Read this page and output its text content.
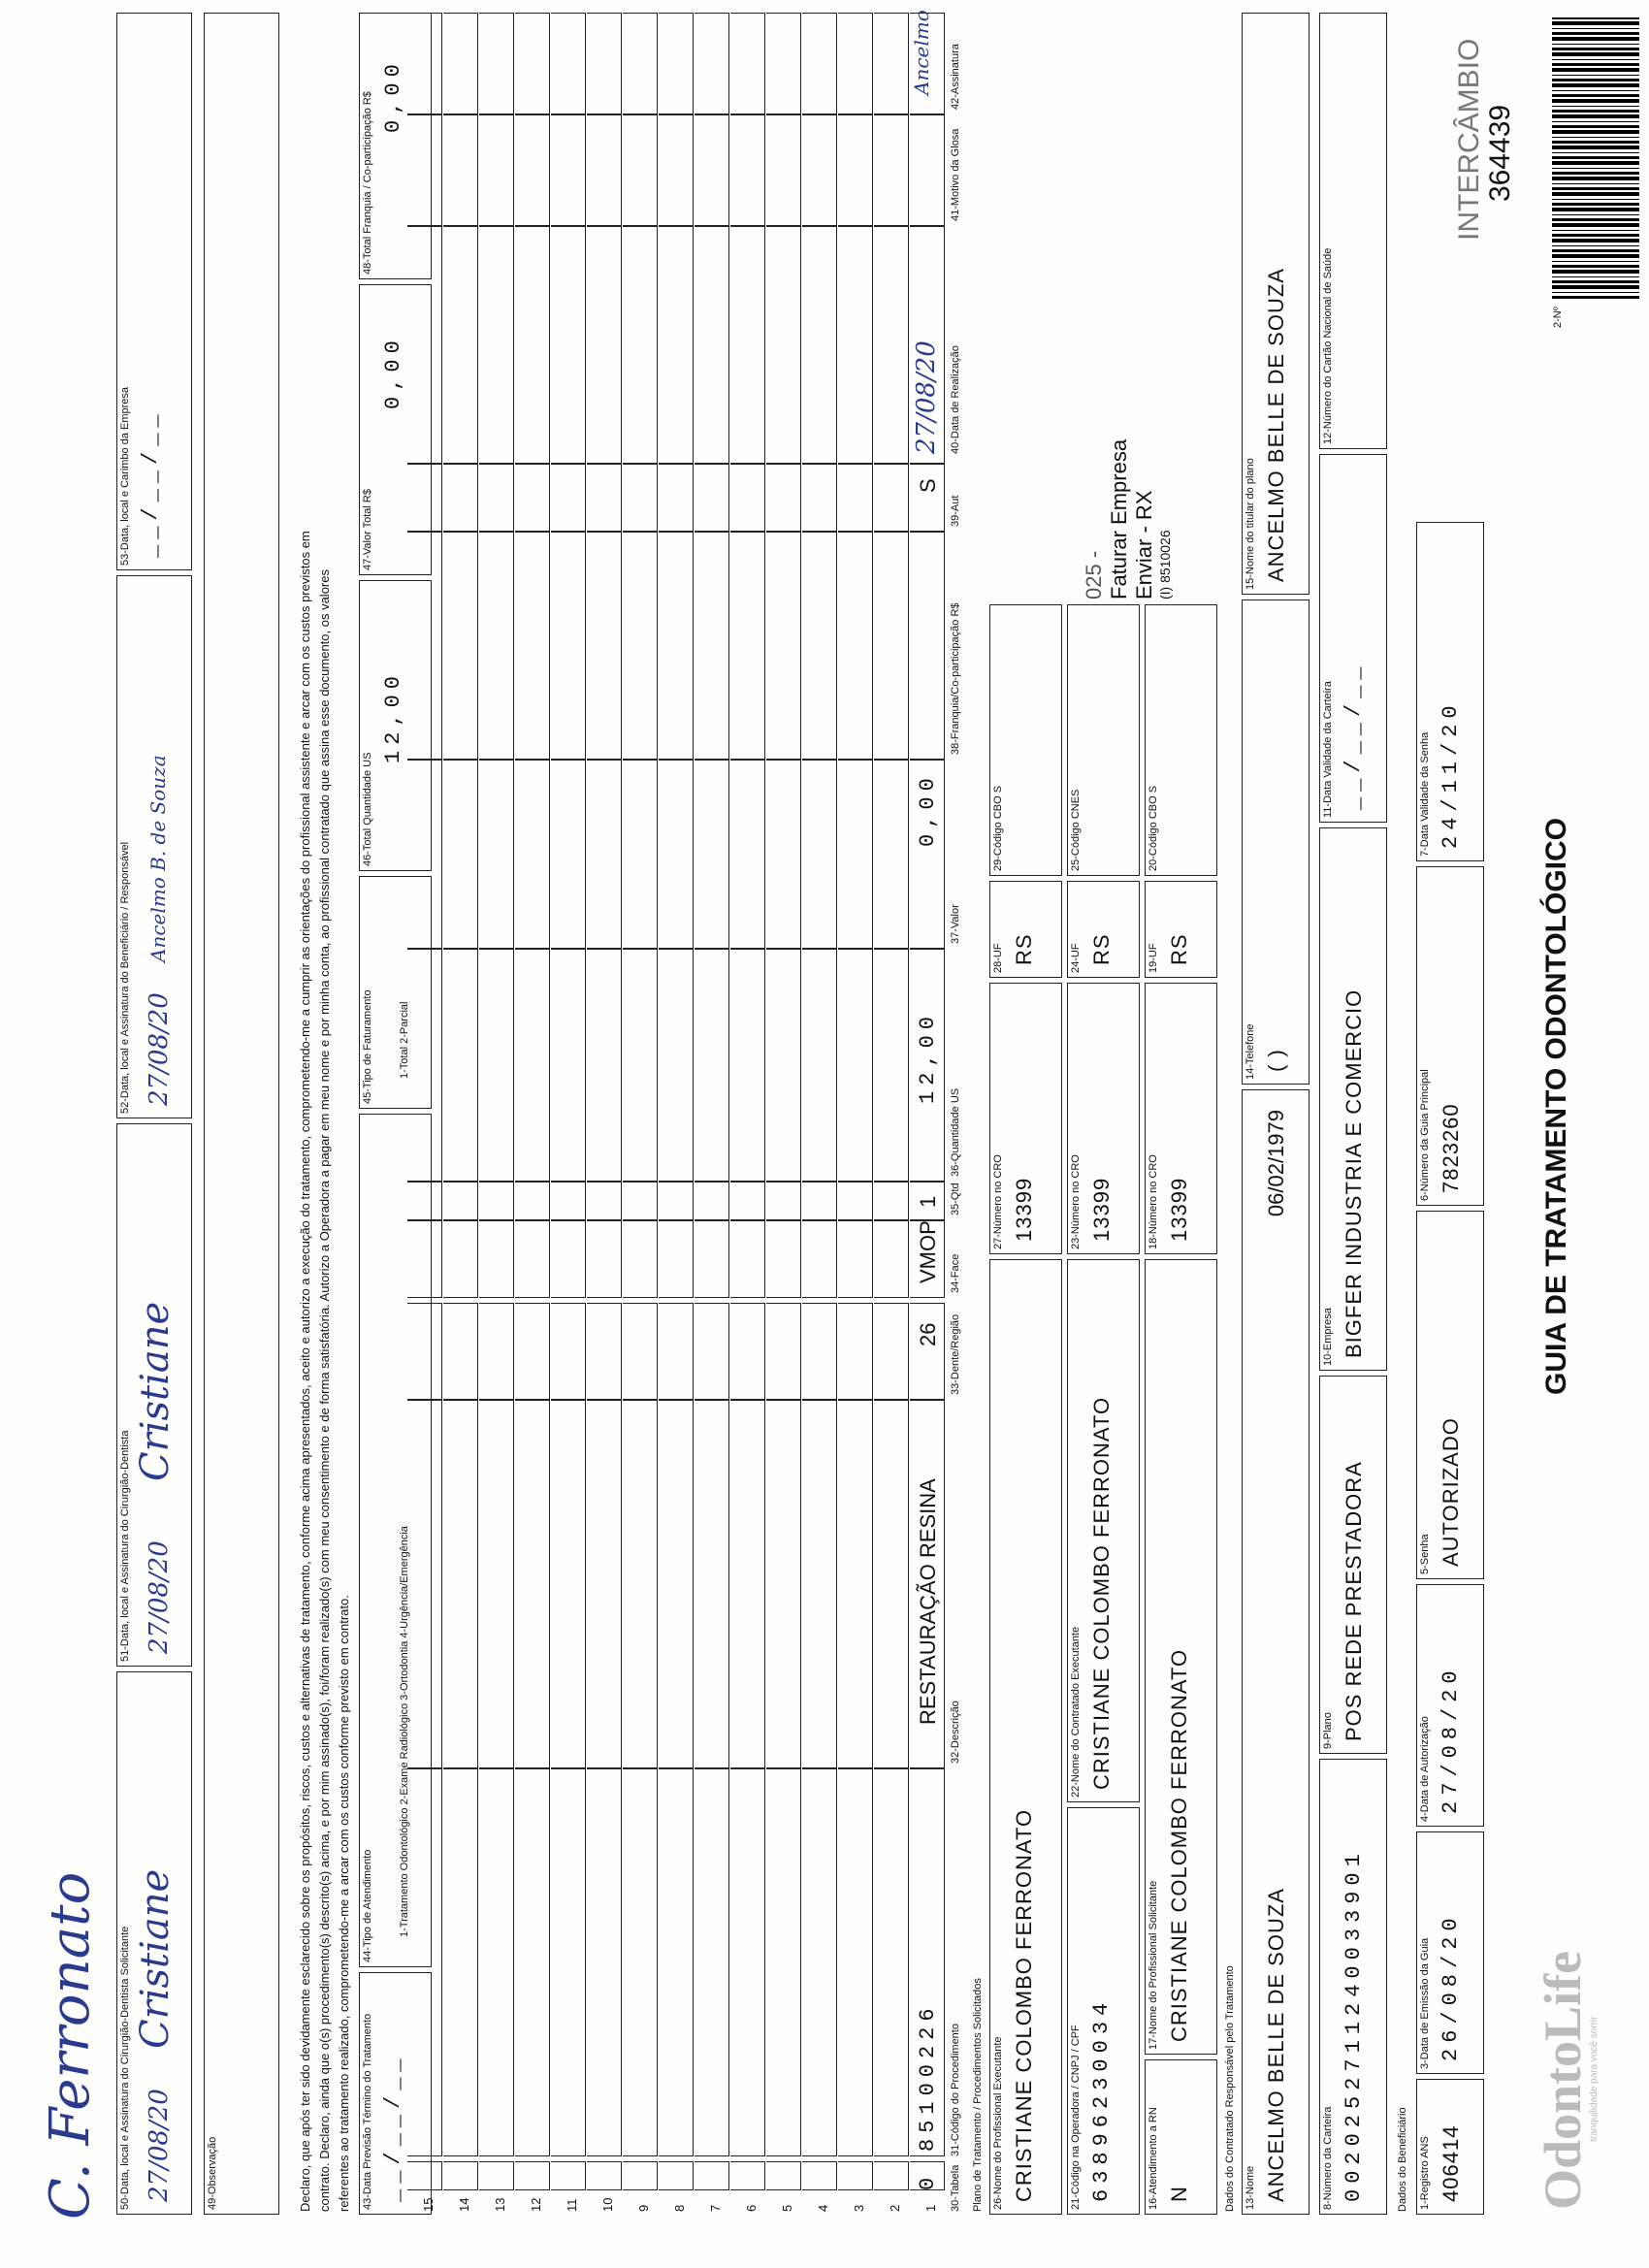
OdontoLife
tranquilidade para você sorrir
GUIA DE TRATAMENTO ODONTOLÓGICO
2-Nº
364439
INTERCÂMBIO
1-Registro ANS 406414
3-Data de Emissão da Guia 26/08/20
4-Data de Autorização 27/08/20
5-Senha AUTORIZADO
6-Número da Guia Principal 7823260
7-Data Validade da Senha 24/11/20
Dados do Beneficiário
8-Número da Carteira 0020252711240033901
9-Plano POS REDE PRESTADORA
10-Empresa BIGFER INDUSTRIA E COMERCIO
11-Data Validade da Carteira __/__/__
12-Número do Cartão Nacional de Saúde
13-Nome ANCELMO BELLE DE SOUZA
06/02/1979
14-Telefone ( )
15-Nome do titular do plano ANCELMO BELLE DE SOUZA
Dados do Contratado Responsável pelo Tratamento
16-Atendimento a RN N
17-Nome do Profissional Solicitante CRISTIANE COLOMBO FERRONATO
18-Número no CRO 13399
19-UF RS
20-Código CBO S
21-Código na Operadora / CNPJ / CPF 63896230034
22-Nome do Contratado Executante CRISTIANE COLOMBO FERRONATO
23-Número no CRO 13399
24-UF RS
25-Código CNES
26-Nome do Profissional Executante CRISTIANE COLOMBO FERRONATO
27-Número no CRO 13399
28-UF RS
29-Código CBO S
025 - Faturar Empresa Enviar - RX (I) 8510026
Plano de Tratamento / Procedimentos Solicitados
30-Tabela
31-Código do Procedimento
32-Descrição
33-Dente/Região
34-Face
35-Qtd
36-Quantidade US
37-Valor
38-Franquia/Co-participação R$
39-Aut
40-Data de Realização
41-Motivo da Glosa
42-Assinatura
1
2
3
4
5
6
7
8
9
10
11
12
13
14
15
0
85100226
RESTAURAÇÃO RESINA
26
VMOP
1
12,00
0,00
S
27/08/20
Ancelmo
43-Data Previsão Término do Tratamento __/__/__
44-Tipo de Atendimento 1-Tratamento Odontológico 2-Exame Radiológico 3-Ortodontia 4-Urgência/Emergência
45-Tipo de Faturamento 1-Total 2-Parcial
46-Total Quantidade US
12,00
47-Valor Total R$
0,00
48-Total Franquia / Co-participação R$ 0,00
Declaro, que após ter sido devidamente esclarecido sobre os propósitos, riscos, custos e alternativas de tratamento, conforme acima apresentados, aceito e autorizo a execução do tratamento, comprometendo-me a cumprir as orientações do profissional assistente e arcar com os custos previstos em contrato. Declaro, ainda que o(s) procedimento(s) descrito(s) acima, e por mim assinado(s), foi/foram realizado(s) com meu consentimento e de forma satisfatória. Autorizo a Operadora a pagar em meu nome e por minha conta, ao profissional contratado que assina esse documento, os valores referentes ao tratamento realizado, comprometendo-me a arcar com os custos conforme previsto em contrato.
49-Observação
50-Data, local e Assinatura do Cirurgião-Dentista Solicitante 27/08/20
Cristiane
51-Data, local e Assinatura do Cirurgião-Dentista 27/08/20
Cristiane
52-Data, local e Assinatura do Beneficiário / Responsável 27/08/20
Ancelmo B. de Souza
53-Data, local e Carimbo da Empresa __/__/__
C. Ferronato
